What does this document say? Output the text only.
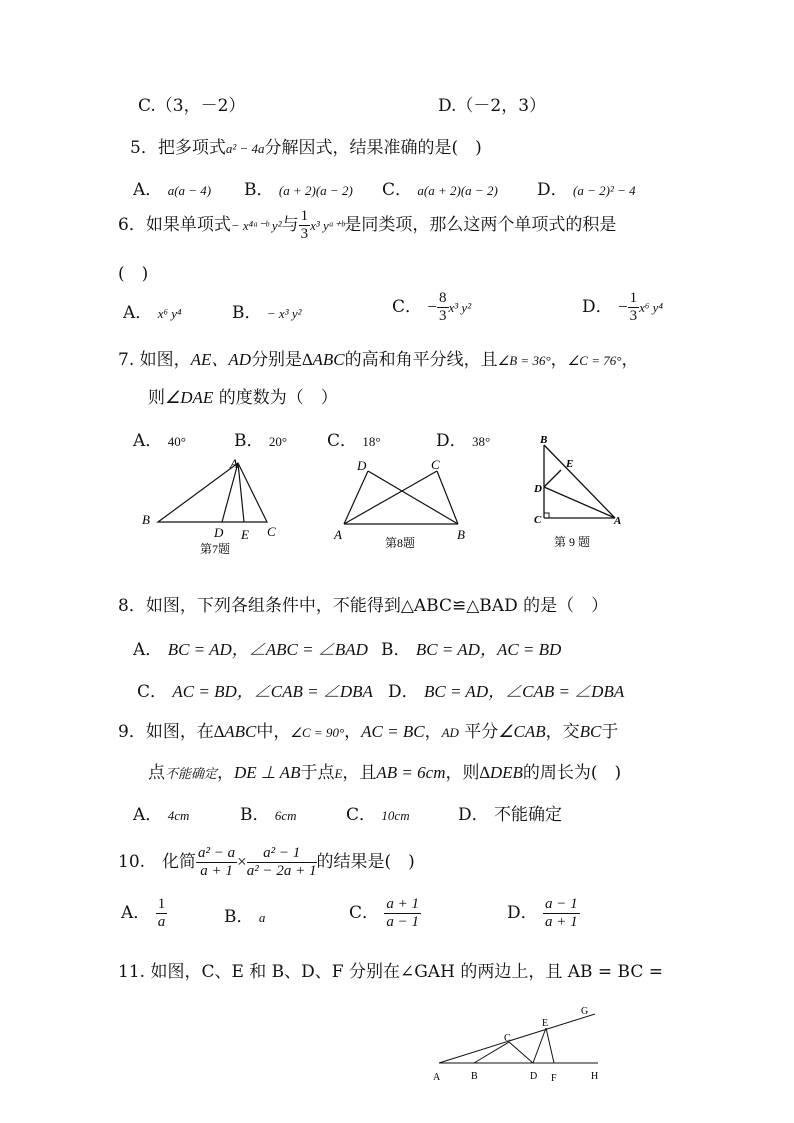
C.（3，－2）	D.（－2，3）
5．把多项式a² − 4a分解因式，结果准确的是(　)
A． a(a − 4) B． (a + 2)(a − 2) C． a(a + 2)(a − 2) D． (a − 2)² − 4
6．如果单项式− x⁴ᵃ⁻ᵇ y²与 $\frac{1}{3} x^3$ yᵃ⁺ᵇ是同类项，那么这两个单项式的积是
(　)
A． x⁶ y⁴	B． − x³ y²	C． − $\frac{8}{3} x^3$ y²	D． − $\frac{1}{3} x^6$ y⁴
7. 如图，AE、AD分别是∆ABC的高和角平分线，且∠B = 36°，∠C = 76°，
则∠DAE 的度数为（　）
A． 40°	B． 20° C． 18°	D． 38°
A
B
D E C
第7题
D	C
A	B
第8题
B
E
D
C	A
第 9 题
8．如图，下列各组条件中，不能得到△ABC≌△BAD 的是（　）
A． BC = AD，∠ABC = ∠BAD B． BC = AD，AC = BD
C． AC = BD，∠CAB = ∠DBA D． BC = AD，∠CAB = ∠DBA
9．如图，在∆ABC中，∠C = 90°，AC = BC，AD 平分∠CAB，交BC于
点不能确定，DE ⊥ AB于点E，且AB = 6cm，则∆DEB的周长为(　)
A． 4cm	B． 6cm	C． 10cm	D． 不能确定
10.　化简 $\frac{\text{a² − a}}{a + 1} \times \frac{\text{a² − 1}}{\text{a² − 2a + 1}}$ 的结果是(　)
A． $\frac{1}{a}$	B． a	C． $\frac{a + 1}{a - 1}$	D． $\frac{a - 1}{a + 1}$
11. 如图，C、E 和 B、D、F 分别在∠GAH 的两边上，且 AB = BC =
A	B
C
D
E
F
G
H
